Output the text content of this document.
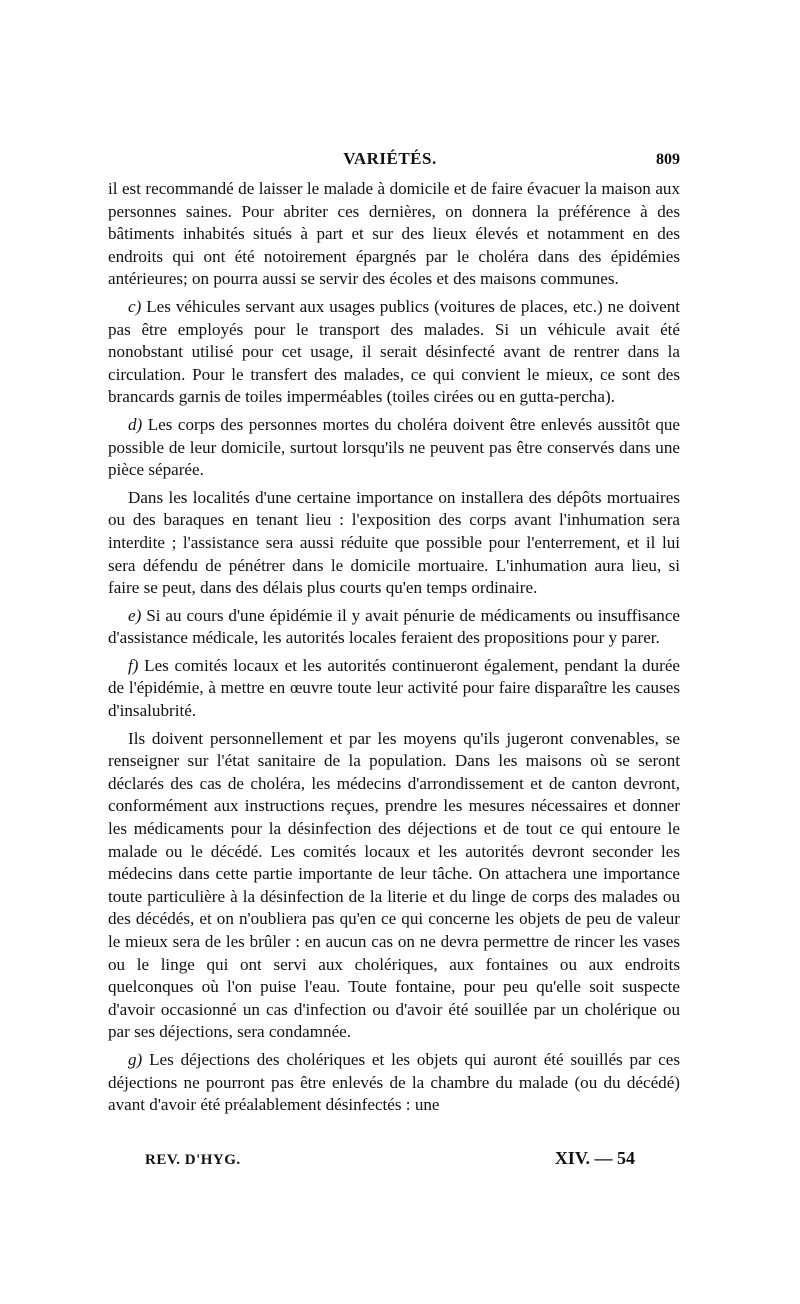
VARIÉTÉS.	809

il est recommandé de laisser le malade à domicile et de faire évacuer la maison aux personnes saines. Pour abriter ces dernières, on donnera la préférence à des bâtiments inhabités situés à part et sur des lieux élevés et notamment en des endroits qui ont été notoirement épargnés par le choléra dans des épidémies antérieures; on pourra aussi se servir des écoles et des maisons communes.

c) Les véhicules servant aux usages publics (voitures de places, etc.) ne doivent pas être employés pour le transport des malades. Si un véhicule avait été nonobstant utilisé pour cet usage, il serait désinfecté avant de rentrer dans la circulation. Pour le transfert des malades, ce qui convient le mieux, ce sont des brancards garnis de toiles imperméables (toiles cirées ou en gutta-percha).

d) Les corps des personnes mortes du choléra doivent être enlevés aussitôt que possible de leur domicile, surtout lorsqu'ils ne peuvent pas être conservés dans une pièce séparée.

Dans les localités d'une certaine importance on installera des dépôts mortuaires ou des baraques en tenant lieu : l'exposition des corps avant l'inhumation sera interdite ; l'assistance sera aussi réduite que possible pour l'enterrement, et il lui sera défendu de pénétrer dans le domicile mortuaire. L'inhumation aura lieu, si faire se peut, dans des délais plus courts qu'en temps ordinaire.

e) Si au cours d'une épidémie il y avait pénurie de médicaments ou insuffisance d'assistance médicale, les autorités locales feraient des propositions pour y parer.

f) Les comités locaux et les autorités continueront également, pendant la durée de l'épidémie, à mettre en œuvre toute leur activité pour faire disparaître les causes d'insalubrité.

Ils doivent personnellement et par les moyens qu'ils jugeront convenables, se renseigner sur l'état sanitaire de la population. Dans les maisons où se seront déclarés des cas de choléra, les médecins d'arrondissement et de canton devront, conformément aux instructions reçues, prendre les mesures nécessaires et donner les médicaments pour la désinfection des déjections et de tout ce qui entoure le malade ou le décédé. Les comités locaux et les autorités devront seconder les médecins dans cette partie importante de leur tâche. On attachera une importance toute particulière à la désinfection de la literie et du linge de corps des malades ou des décédés, et on n'oubliera pas qu'en ce qui concerne les objets de peu de valeur le mieux sera de les brûler : en aucun cas on ne devra permettre de rincer les vases ou le linge qui ont servi aux cholériques, aux fontaines ou aux endroits quelconques où l'on puise l'eau. Toute fontaine, pour peu qu'elle soit suspecte d'avoir occasionné un cas d'infection ou d'avoir été souillée par un cholérique ou par ses déjections, sera condamnée.

g) Les déjections des cholériques et les objets qui auront été souillés par ces déjections ne pourront pas être enlevés de la chambre du malade (ou du décédé) avant d'avoir été préalablement désinfectés : une

REV. D'HYG.	XIV. — 54
